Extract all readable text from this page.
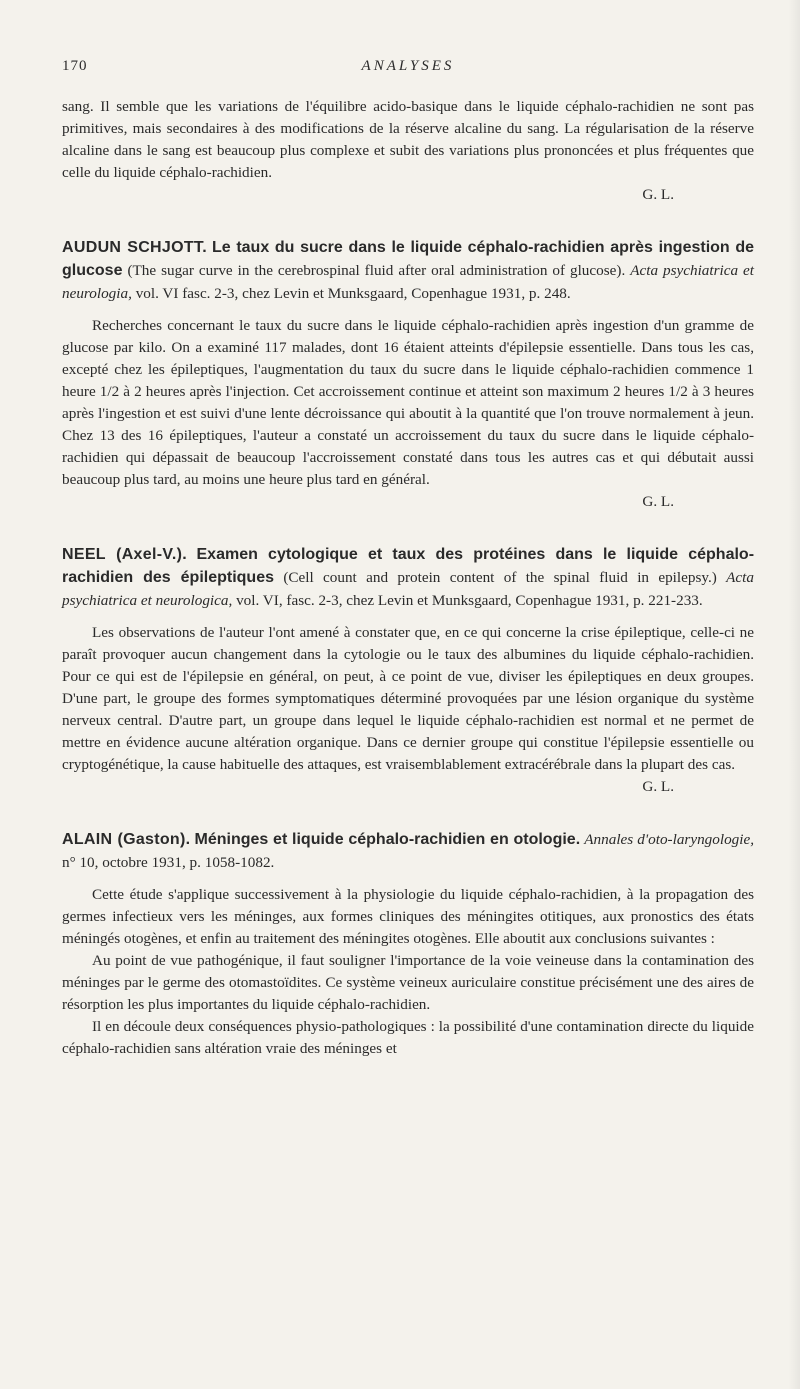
170	ANALYSES

sang. Il semble que les variations de l'équilibre acido-basique dans le liquide céphalo-rachidien ne sont pas primitives, mais secondaires à des modifications de la réserve alcaline du sang. La régularisation de la réserve alcaline dans le sang est beaucoup plus complexe et subit des variations plus prononcées et plus fréquentes que celle du liquide céphalo-rachidien.
G. L.

AUDUN SCHJOTT. Le taux du sucre dans le liquide céphalo-rachidien après ingestion de glucose (The sugar curve in the cerebrospinal fluid after oral administration of glucose). Acta psychiatrica et neurologia, vol. VI fasc. 2-3, chez Levin et Munksgaard, Copenhague 1931, p. 248.

Recherches concernant le taux du sucre dans le liquide céphalo-rachidien après ingestion d'un gramme de glucose par kilo. On a examiné 117 malades, dont 16 étaient atteints d'épilepsie essentielle. Dans tous les cas, excepté chez les épileptiques, l'augmentation du taux du sucre dans le liquide céphalo-rachidien commence 1 heure 1/2 à 2 heures après l'injection. Cet accroissement continue et atteint son maximum 2 heures 1/2 à 3 heures après l'ingestion et est suivi d'une lente décroissance qui aboutit à la quantité que l'on trouve normalement à jeun. Chez 13 des 16 épileptiques, l'auteur a constaté un accroissement du taux du sucre dans le liquide céphalo-rachidien qui dépassait de beaucoup l'accroissement constaté dans tous les autres cas et qui débutait aussi beaucoup plus tard, au moins une heure plus tard en général.
G. L.

NEEL (Axel-V.). Examen cytologique et taux des protéines dans le liquide céphalo-rachidien des épileptiques (Cell count and protein content of the spinal fluid in epilepsy.) Acta psychiatrica et neurologica, vol. VI, fasc. 2-3, chez Levin et Munksgaard, Copenhague 1931, p. 221-233.

Les observations de l'auteur l'ont amené à constater que, en ce qui concerne la crise épileptique, celle-ci ne paraît provoquer aucun changement dans la cytologie ou le taux des albumines du liquide céphalo-rachidien. Pour ce qui est de l'épilepsie en général, on peut, à ce point de vue, diviser les épileptiques en deux groupes. D'une part, le groupe des formes symptomatiques déterminé provoquées par une lésion organique du système nerveux central. D'autre part, un groupe dans lequel le liquide céphalo-rachidien est normal et ne permet de mettre en évidence aucune altération organique. Dans ce dernier groupe qui constitue l'épilepsie essentielle ou cryptogénétique, la cause habituelle des attaques, est vraisemblablement extracérébrale dans la plupart des cas.
G. L.

ALAIN (Gaston). Méninges et liquide céphalo-rachidien en otologie. Annales d'oto-laryngologie, n° 10, octobre 1931, p. 1058-1082.

Cette étude s'applique successivement à la physiologie du liquide céphalo-rachidien, à la propagation des germes infectieux vers les méninges, aux formes cliniques des méningites otitiques, aux pronostics des états méningés otogènes, et enfin au traitement des méningites otogènes. Elle aboutit aux conclusions suivantes :

Au point de vue pathogénique, il faut souligner l'importance de la voie veineuse dans la contamination des méninges par le germe des otomastoïdites. Ce système veineux auriculaire constitue précisément une des aires de résorption les plus importantes du liquide céphalo-rachidien.

Il en découle deux conséquences physio-pathologiques : la possibilité d'une contamination directe du liquide céphalo-rachidien sans altération vraie des méninges et
